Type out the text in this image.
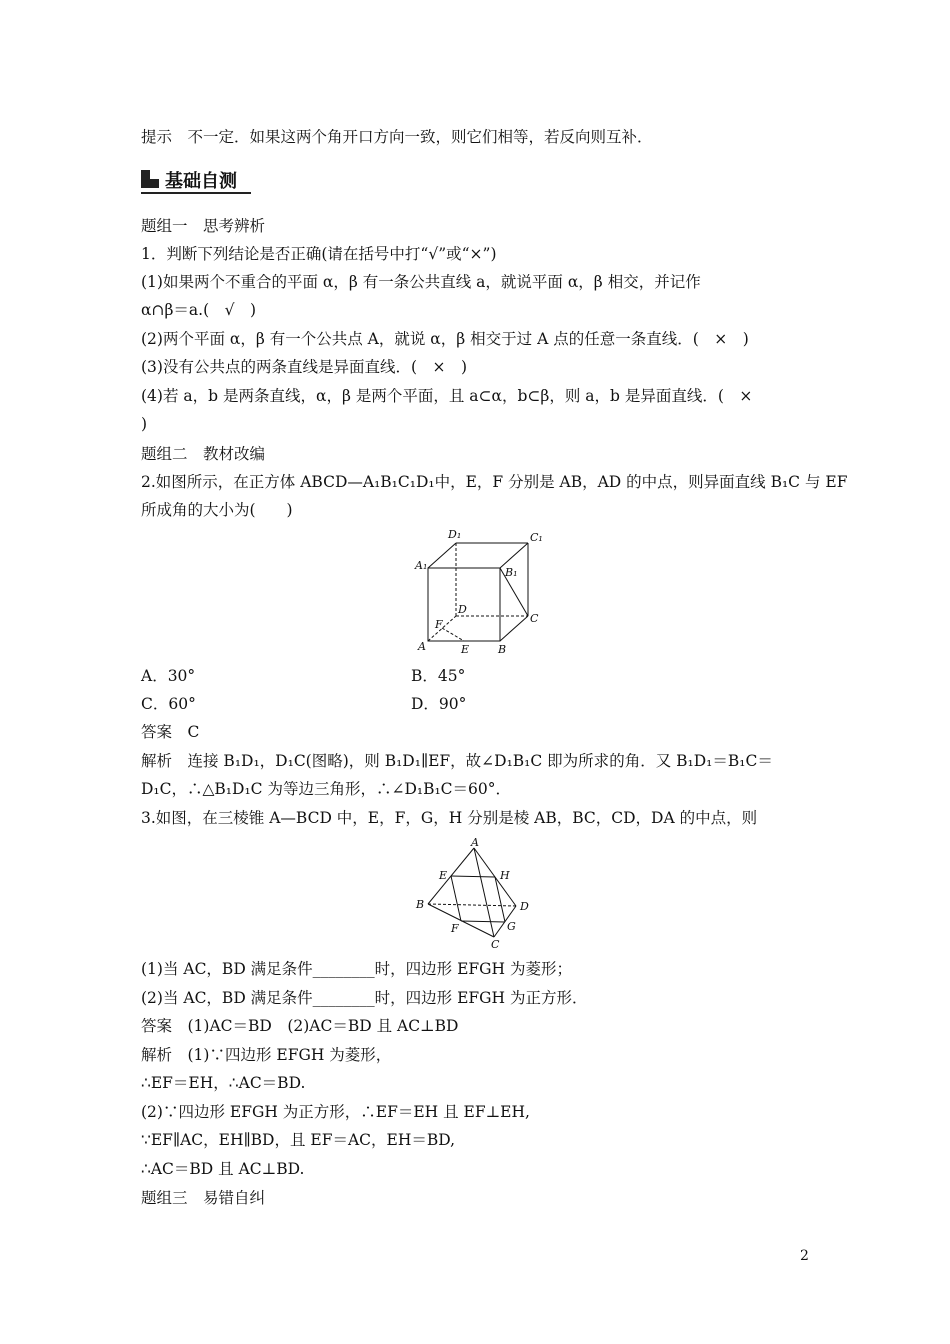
提示　不一定．如果这两个角开口方向一致，则它们相等，若反向则互补．
基础自测
题组一　思考辨析
1．判断下列结论是否正确(请在括号中打“√”或“×”)
(1)如果两个不重合的平面 α，β 有一条公共直线 a，就说平面 α，β 相交，并记作
α∩β＝a.(　√　)
(2)两个平面 α，β 有一个公共点 A，就说 α，β 相交于过 A 点的任意一条直线．(　×　)
(3)没有公共点的两条直线是异面直线．(　×　)
(4)若 a，b 是两条直线，α，β 是两个平面，且 a⊂α，b⊂β，则 a，b 是异面直线．(　×
)
题组二　教材改编
2.如图所示，在正方体 ABCD—A₁B₁C₁D₁中，E，F 分别是 AB，AD 的中点，则异面直线 B₁C 与 EF
所成角的大小为(　　)
D₁	C₁
A₁
B₁
D
C
F
A	E	B
A．30°	B．45°
C．60°	D．90°
答案　C
解析　连接 B₁D₁，D₁C(图略)，则 B₁D₁∥EF，故∠D₁B₁C 即为所求的角．又 B₁D₁＝B₁C＝
D₁C，∴△B₁D₁C 为等边三角形，∴∠D₁B₁C＝60°．
3.如图，在三棱锥 A—BCD 中，E，F，G，H 分别是棱 AB，BC，CD，DA 的中点，则
A
E	H
B	D
F	G
C
(1)当 AC，BD 满足条件________时，四边形 EFGH 为菱形；
(2)当 AC，BD 满足条件________时，四边形 EFGH 为正方形．
答案　(1)AC＝BD　(2)AC＝BD 且 AC⊥BD
解析　(1)∵四边形 EFGH 为菱形，
∴EF＝EH，∴AC＝BD.
(2)∵四边形 EFGH 为正方形，∴EF＝EH 且 EF⊥EH,
∵EF∥AC，EH∥BD，且 EF＝AC，EH＝BD,
∴AC＝BD 且 AC⊥BD.
题组三　易错自纠
2
